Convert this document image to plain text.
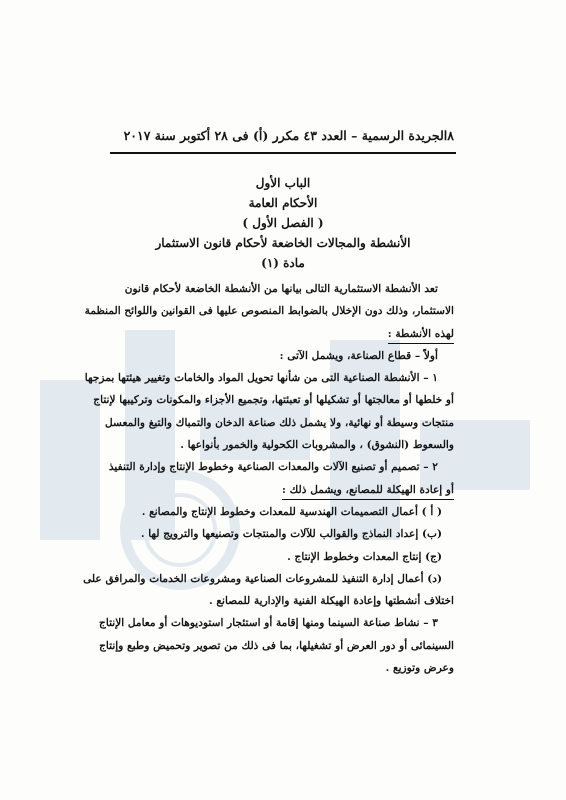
٨
الجريدة الرسمية – العدد ٤٣ مكرر (أ) فى ٢٨ أكتوبر سنة ٢٠١٧
الباب الأول
الأحكام العامة
( الفصل الأول )
الأنشطة والمجالات الخاضعة لأحكام قانون الاستثمار
مادة (١)

تعد الأنشطة الاستثمارية التالى بيانها من الأنشطة الخاضعة لأحكام قانون

الاستثمار، وذلك دون الإخلال بالضوابط المنصوص عليها فى القوانين واللوائح المنظمة

لهذه الأنشطة :

أولاً – قطاع الصناعة، ويشمل الآتى :

١ – الأنشطة الصناعية التى من شأنها تحويل المواد والخامات وتغيير هيئتها بمزجها

أو خلطها أو معالجتها أو تشكيلها أو تعبئتها، وتجميع الأجزاء والمكونات وتركيبها لإنتاج

منتجات وسيطة أو نهائية، ولا يشمل ذلك صناعة الدخان والتمباك والتبغ والمعسل

والسعوط (النشوق) ، والمشروبات الكحولية والخمور بأنواعها .

٢ – تصميم أو تصنيع الآلات والمعدات الصناعية وخطوط الإنتاج وإدارة التنفيذ

أو إعادة الهيكلة للمصانع، ويشمل ذلك :

( أ ) أعمال التصميمات الهندسية للمعدات وخطوط الإنتاج والمصانع .

(ب) إعداد النماذج والقوالب للآلات والمنتجات وتصنيعها والترويج لها .

(ج) إنتاج المعدات وخطوط الإنتاج .

(د) أعمال إدارة التنفيذ للمشروعات الصناعية ومشروعات الخدمات والمرافق على

اختلاف أنشطتها وإعادة الهيكلة الفنية والإدارية للمصانع .

٣ – نشاط صناعة السينما ومنها إقامة أو استئجار استوديوهات أو معامل الإنتاج

السينمائى أو دور العرض أو تشغيلها، بما فى ذلك من تصوير وتحميض وطبع وإنتاج

وعرض وتوزيع .
